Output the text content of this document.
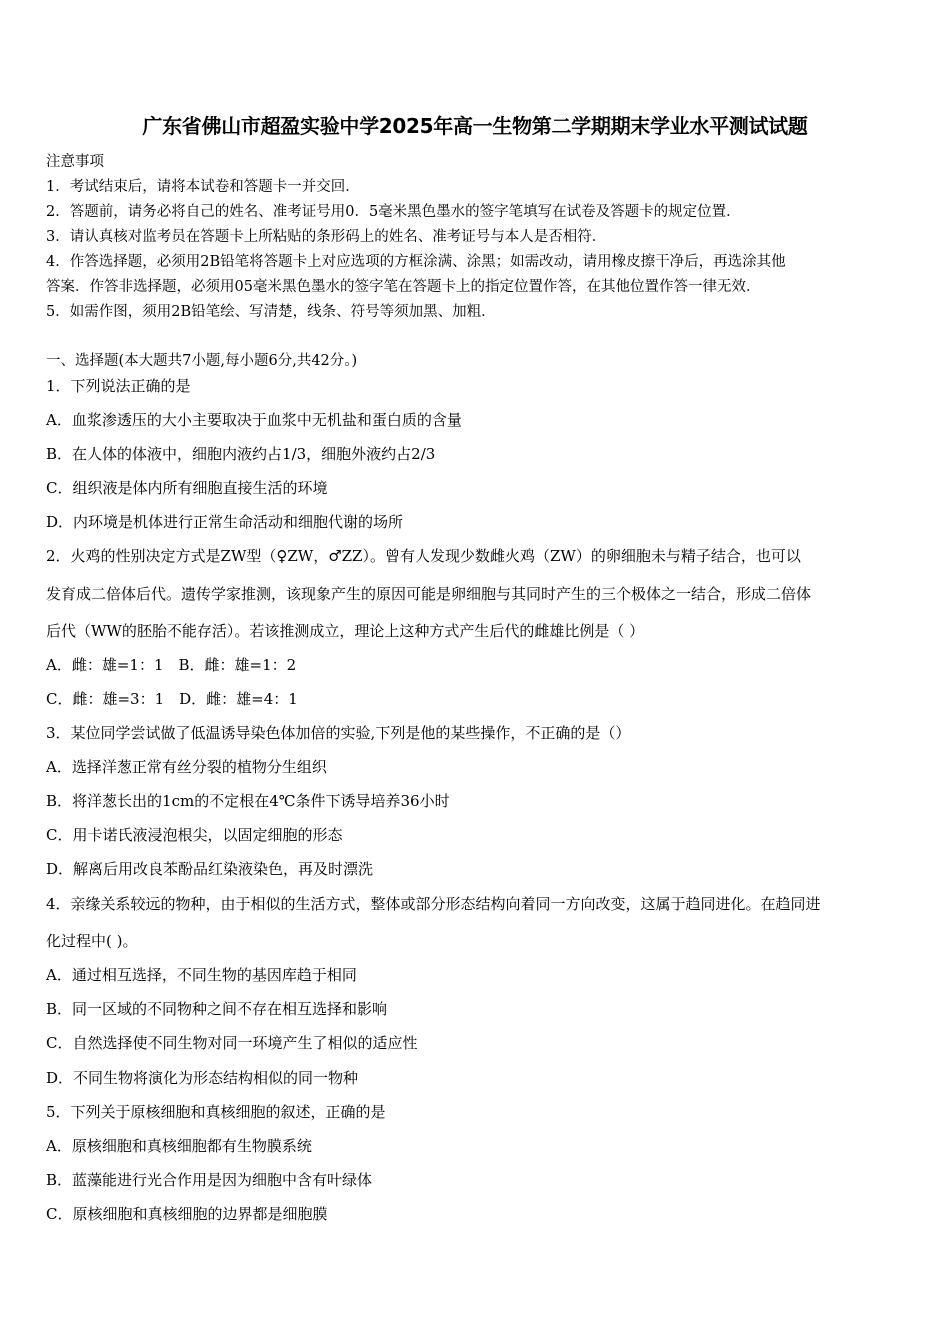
广东省佛山市超盈实验中学2025年高一生物第二学期期末学业水平测试试题
注意事项
1．考试结束后，请将本试卷和答题卡一并交回．
2．答题前，请务必将自己的姓名、准考证号用0．5毫米黑色墨水的签字笔填写在试卷及答题卡的规定位置．
3．请认真核对监考员在答题卡上所粘贴的条形码上的姓名、准考证号与本人是否相符．
4．作答选择题，必须用2B铅笔将答题卡上对应选项的方框涂满、涂黑；如需改动，请用橡皮擦干净后，再选涂其他
答案．作答非选择题，必须用05毫米黑色墨水的签字笔在答题卡上的指定位置作答，在其他位置作答一律无效．
5．如需作图，须用2B铅笔绘、写清楚，线条、符号等须加黑、加粗．
一、选择题(本大题共7小题,每小题6分,共42分。)
1．下列说法正确的是
A．血浆渗透压的大小主要取决于血浆中无机盐和蛋白质的含量
B．在人体的体液中，细胞内液约占1/3，细胞外液约占2/3
C．组织液是体内所有细胞直接生活的环境
D．内环境是机体进行正常生命活动和细胞代谢的场所
2．火鸡的性别决定方式是ZW型（♀ZW，♂ZZ）。曾有人发现少数雌火鸡（ZW）的卵细胞未与精子结合，也可以
发育成二倍体后代。遗传学家推测，该现象产生的原因可能是卵细胞与其同时产生的三个极体之一结合，形成二倍体
后代（WW的胚胎不能存活）。若该推测成立，理论上这种方式产生后代的雌雄比例是（ ）
A．雌：雄=1：1　B．雌：雄=1：2
C．雌：雄=3：1　D．雌：雄=4：1
3．某位同学尝试做了低温诱导染色体加倍的实验,下列是他的某些操作，不正确的是（）
A．选择洋葱正常有丝分裂的植物分生组织
B．将洋葱长出的1cm的不定根在4℃条件下诱导培养36小时
C．用卡诺氏液浸泡根尖，以固定细胞的形态
D．解离后用改良苯酚品红染液染色，再及时漂洗
4．亲缘关系较远的物种，由于相似的生活方式，整体或部分形态结构向着同一方向改变，这属于趋同进化。在趋同进
化过程中( )。
A．通过相互选择，不同生物的基因库趋于相同
B．同一区域的不同物种之间不存在相互选择和影响
C．自然选择使不同生物对同一环境产生了相似的适应性
D．不同生物将演化为形态结构相似的同一物种
5．下列关于原核细胞和真核细胞的叙述，正确的是
A．原核细胞和真核细胞都有生物膜系统
B．蓝藻能进行光合作用是因为细胞中含有叶绿体
C．原核细胞和真核细胞的边界都是细胞膜
